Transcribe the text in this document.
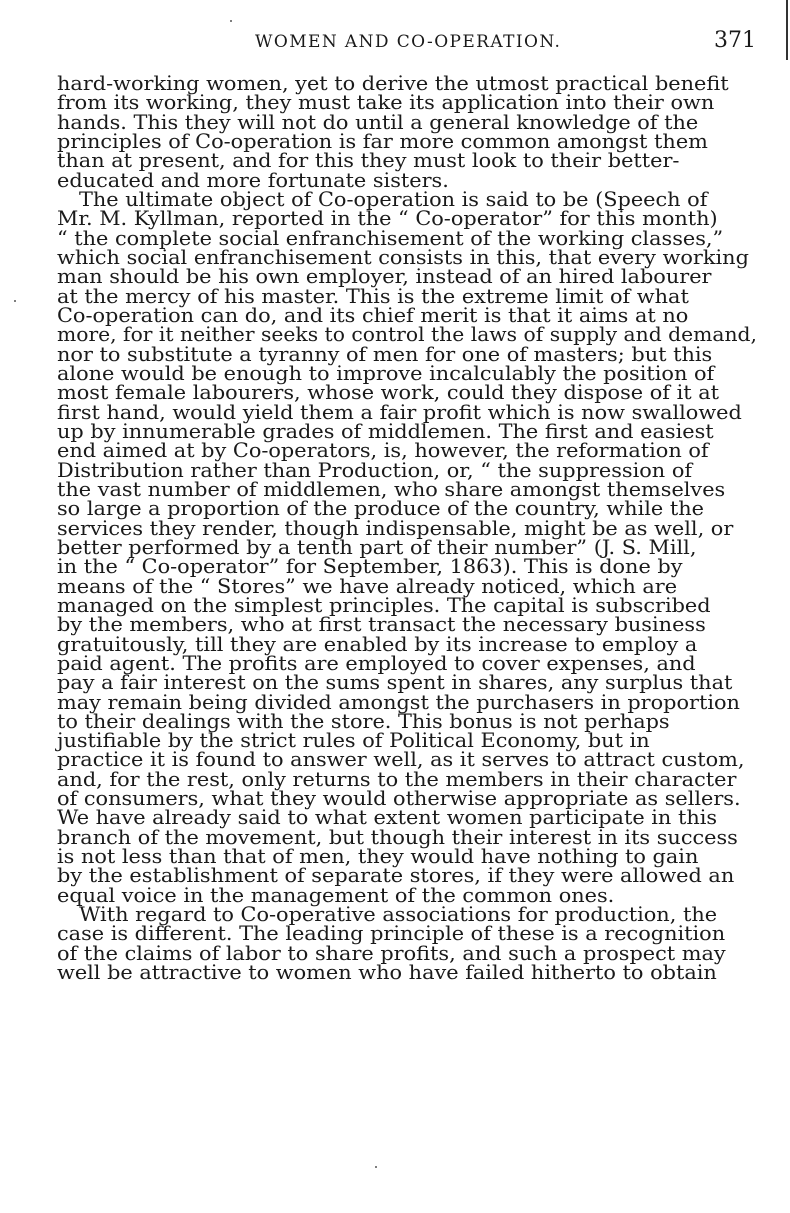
WOMEN AND CO-OPERATION.	371
hard-working women, yet to derive the utmost practical benefit
from its working, they must take its application into their own
hands. This they will not do until a general knowledge of the
principles of Co-operation is far more common amongst them
than at present, and for this they must look to their better-
educated and more fortunate sisters.
The ultimate object of Co-operation is said to be (Speech of
Mr. M. Kyllman, reported in the “ Co-operator” for this month)
“ the complete social enfranchisement of the working classes,”
which social enfranchisement consists in this, that every working
man should be his own employer, instead of an hired labourer
at the mercy of his master. This is the extreme limit of what
Co-operation can do, and its chief merit is that it aims at no
more, for it neither seeks to control the laws of supply and demand,
nor to substitute a tyranny of men for one of masters; but this
alone would be enough to improve incalculably the position of
most female labourers, whose work, could they dispose of it at
first hand, would yield them a fair profit which is now swallowed
up by innumerable grades of middlemen. The first and easiest
end aimed at by Co-operators, is, however, the reformation of
Distribution rather than Production, or, “ the suppression of
the vast number of middlemen, who share amongst themselves
so large a proportion of the produce of the country, while the
services they render, though indispensable, might be as well, or
better performed by a tenth part of their number” (J. S. Mill,
in the “ Co-operator” for September, 1863). This is done by
means of the “ Stores” we have already noticed, which are
managed on the simplest principles. The capital is subscribed
by the members, who at first transact the necessary business
gratuitously, till they are enabled by its increase to employ a
paid agent. The profits are employed to cover expenses, and
pay a fair interest on the sums spent in shares, any surplus that
may remain being divided amongst the purchasers in proportion
to their dealings with the store. This bonus is not perhaps
justifiable by the strict rules of Political Economy, but in
practice it is found to answer well, as it serves to attract custom,
and, for the rest, only returns to the members in their character
of consumers, what they would otherwise appropriate as sellers.
We have already said to what extent women participate in this
branch of the movement, but though their interest in its success
is not less than that of men, they would have nothing to gain
by the establishment of separate stores, if they were allowed an
equal voice in the management of the common ones.
With regard to Co-operative associations for production, the
case is different. The leading principle of these is a recognition
of the claims of labor to share profits, and such a prospect may
well be attractive to women who have failed hitherto to obtain
